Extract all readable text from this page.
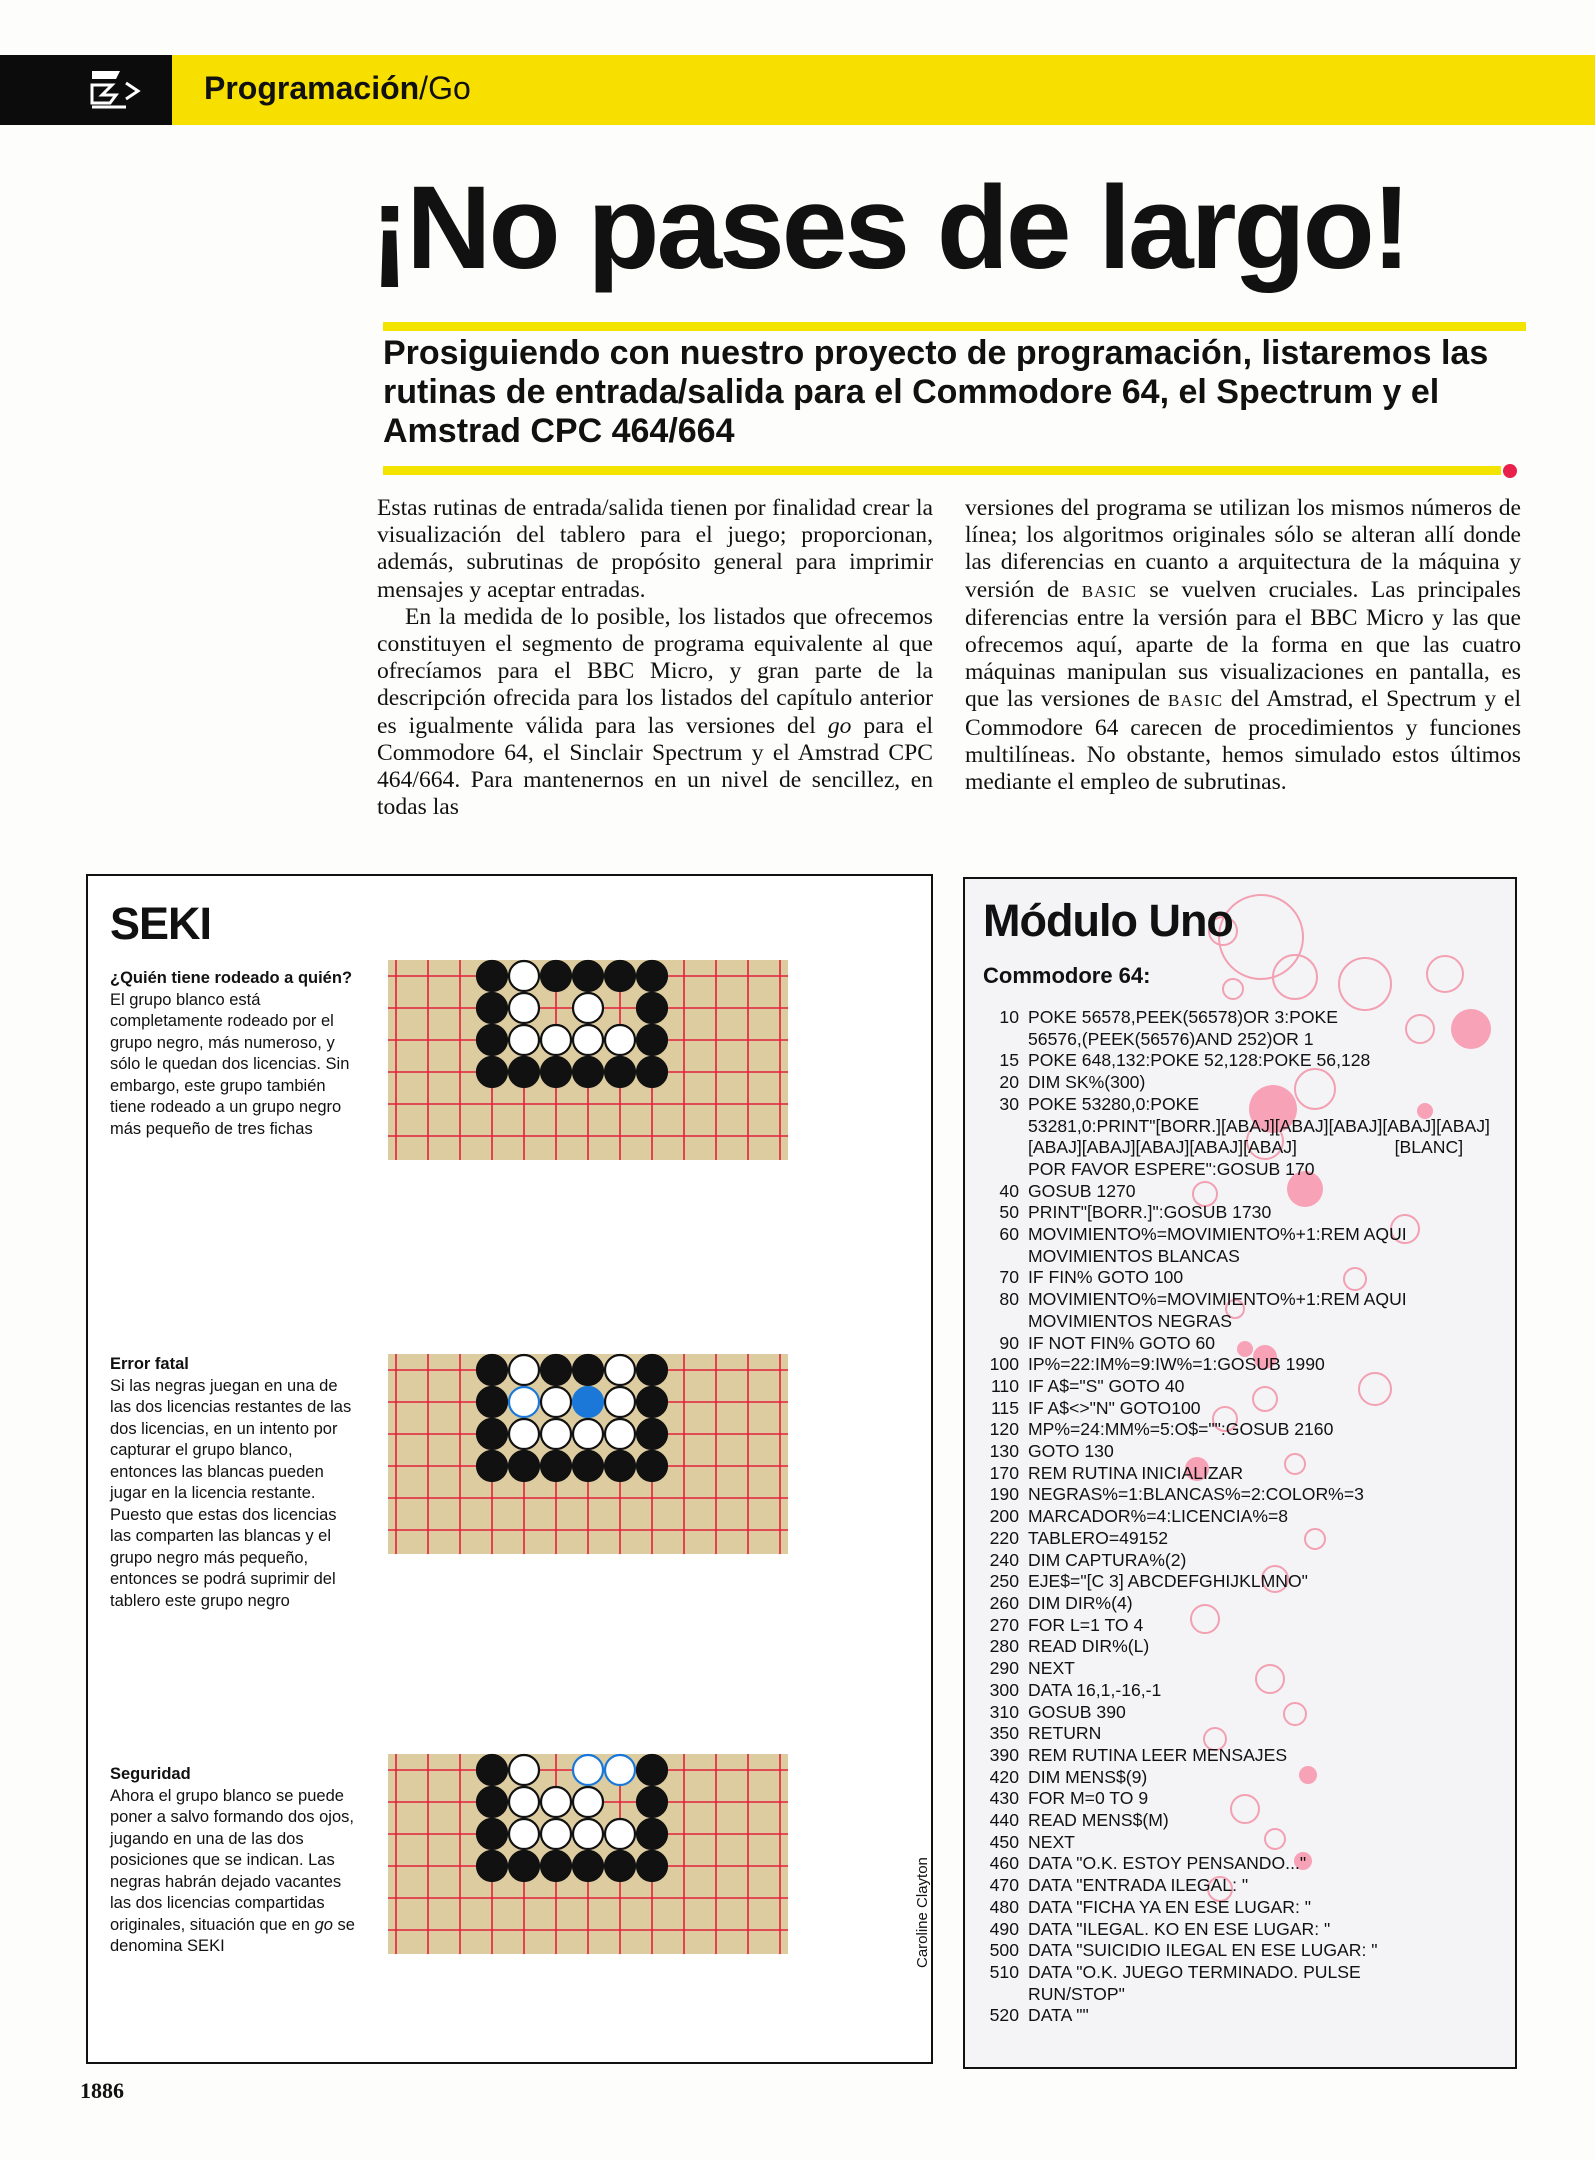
Programación/Go
¡No pases de largo!
Prosiguiendo con nuestro proyecto de programación, listaremos las rutinas de entrada/salida para el Commodore 64, el Spectrum y el Amstrad CPC 464/664

Estas rutinas de entrada/salida tienen por finalidad crear la visualización del tablero para el juego; proporcionan, además, subrutinas de propósito general para imprimir mensajes y aceptar entradas.

En la medida de lo posible, los listados que ofrecemos constituyen el segmento de programa equivalente al que ofrecíamos para el BBC Micro, y gran parte de la descripción ofrecida para los listados del capítulo anterior es igualmente válida para las versiones del go para el Commodore 64, el Sinclair Spectrum y el Amstrad CPC 464/664. Para mantenernos en un nivel de sencillez, en todas las

versiones del programa se utilizan los mismos números de línea; los algoritmos originales sólo se alteran allí donde las diferencias en cuanto a arquitectura de la máquina y versión de BASIC se vuelven cruciales. Las principales diferencias entre la versión para el BBC Micro y las que ofrecemos aquí, aparte de la forma en que las cuatro máquinas manipulan sus visualizaciones en pantalla, es que las versiones de BASIC del Amstrad, el Spectrum y el Commodore 64 carecen de procedimientos y funciones multilíneas. No obstante, hemos simulado estos últimos mediante el empleo de subrutinas.

SEKI
¿Quién tiene rodeado a quién?
El grupo blanco está completamente rodeado por el grupo negro, más numeroso, y sólo le quedan dos licencias. Sin embargo, este grupo también tiene rodeado a un grupo negro más pequeño de tres fichas
Error fatal
Si las negras juegan en una de las dos licencias restantes de las dos licencias, en un intento por capturar el grupo blanco, entonces las blancas pueden jugar en la licencia restante. Puesto que estas dos licencias las comparten las blancas y el grupo negro más pequeño, entonces se podrá suprimir del tablero este grupo negro
Seguridad
Ahora el grupo blanco se puede poner a salvo formando dos ojos, jugando en una de las dos posiciones que se indican. Las negras habrán dejado vacantes las dos licencias compartidas originales, situación que en go se denomina SEKI	Caroline Clayton
Módulo Uno
Commodore 64:
10 POKE 56578,PEEK(56578)OR 3:POKE
56576,(PEEK(56576)AND 252)OR 1
15 POKE 648,132:POKE 52,128:POKE 56,128
20 DIM SK%(300)
30 POKE 53280,0:POKE
53281,0:PRINT"[BORR.][ABAJ][ABAJ][ABAJ][ABAJ][ABAJ][ABAJ][ABAJ][ABAJ][ABAJ][ABAJ]                    [BLANC]
POR FAVOR ESPERE":GOSUB 170
40 GOSUB 1270
50 PRINT"[BORR.]":GOSUB 1730
60 MOVIMIENTO%=MOVIMIENTO%+1:REM AQUI
MOVIMIENTOS BLANCAS
70 IF FIN% GOTO 100
80 MOVIMIENTO%=MOVIMIENTO%+1:REM AQUI
MOVIMIENTOS NEGRAS
90 IF NOT FIN% GOTO 60
100 IP%=22:IM%=9:IW%=1:GOSUB 1990
110 IF A$="S" GOTO 40
115 IF A$<>"N" GOTO100
120 MP%=24:MM%=5:O$="":GOSUB 2160
130 GOTO 130
170 REM RUTINA INICIALIZAR
190 NEGRAS%=1:BLANCAS%=2:COLOR%=3
200 MARCADOR%=4:LICENCIA%=8
220 TABLERO=49152
240 DIM CAPTURA%(2)
250 EJE$="[C 3] ABCDEFGHIJKLMNO"
260 DIM DIR%(4)
270 FOR L=1 TO 4
280 READ DIR%(L)
290 NEXT
300 DATA 16,1,-16,-1
310 GOSUB 390
350 RETURN
390 REM RUTINA LEER MENSAJES
420 DIM MENS$(9)
430 FOR M=0 TO 9
440 READ MENS$(M)
450 NEXT
460 DATA "O.K. ESTOY PENSANDO..."
470 DATA "ENTRADA ILEGAL: "
480 DATA "FICHA YA EN ESE LUGAR: "
490 DATA "ILEGAL. KO EN ESE LUGAR: "
500 DATA "SUICIDIO ILEGAL EN ESE LUGAR: "
510 DATA "O.K. JUEGO TERMINADO. PULSE
RUN/STOP"
520 DATA ""
1886
